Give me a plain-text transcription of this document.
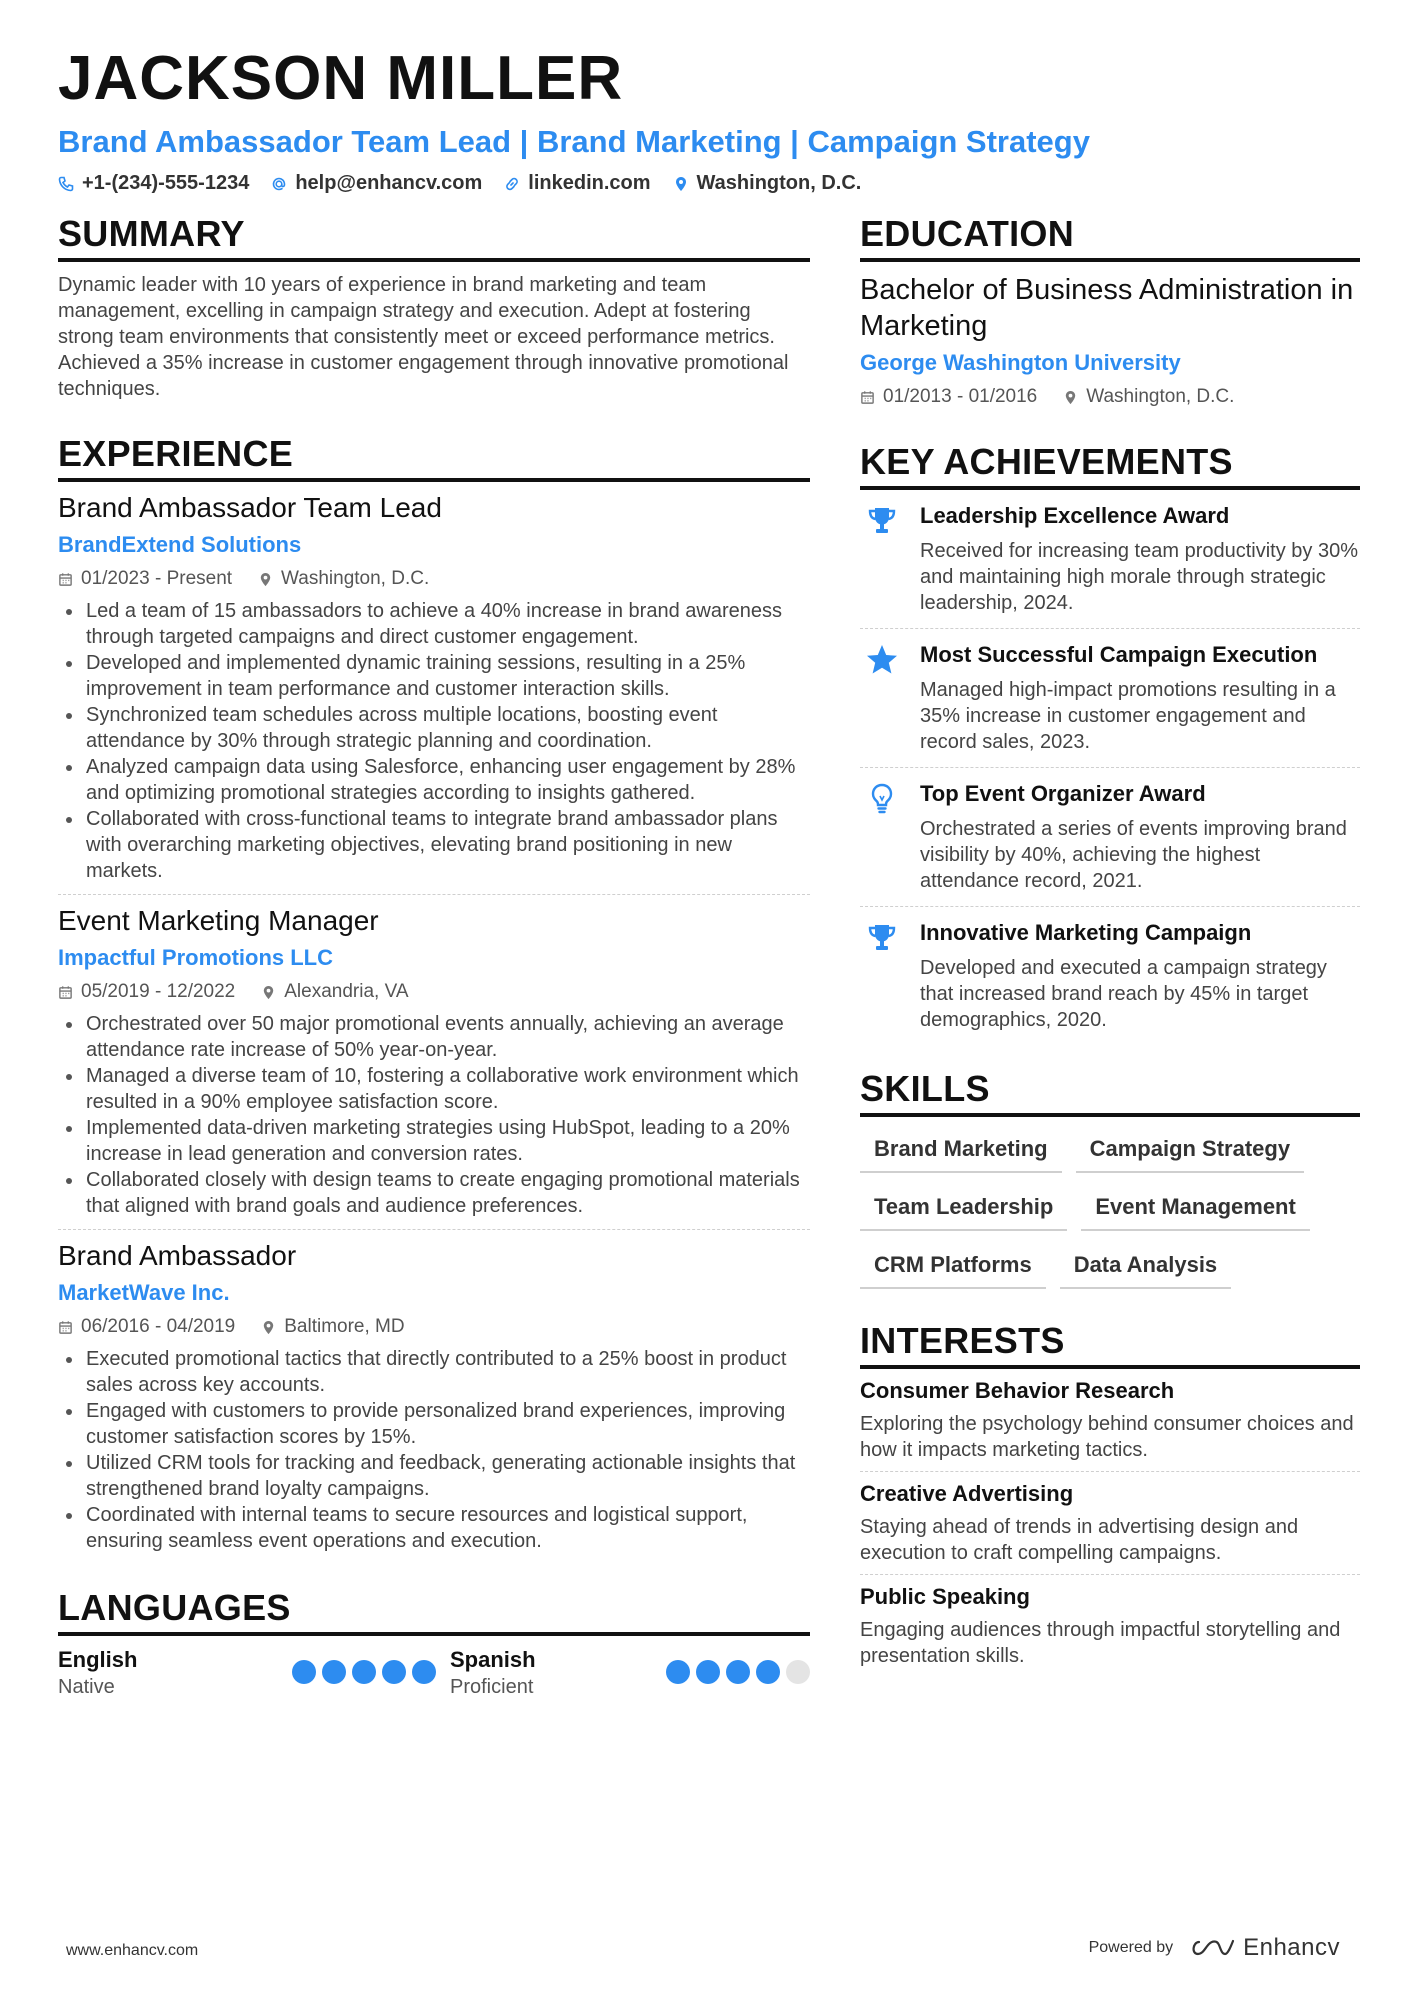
JACKSON MILLER
Brand Ambassador Team Lead | Brand Marketing | Campaign Strategy
+1-(234)-555-1234 help@enhancv.com linkedin.com Washington, D.C.
SUMMARY
Dynamic leader with 10 years of experience in brand marketing and team management, excelling in campaign strategy and execution. Adept at fostering strong team environments that consistently meet or exceed performance metrics. Achieved a 35% increase in customer engagement through innovative promotional techniques.
EXPERIENCE
Brand Ambassador Team Lead
BrandExtend Solutions
01/2023 - Present	Washington, D.C.
Led a team of 15 ambassadors to achieve a 40% increase in brand awareness through targeted campaigns and direct customer engagement.
Developed and implemented dynamic training sessions, resulting in a 25% improvement in team performance and customer interaction skills.
Synchronized team schedules across multiple locations, boosting event attendance by 30% through strategic planning and coordination.
Analyzed campaign data using Salesforce, enhancing user engagement by 28% and optimizing promotional strategies according to insights gathered.
Collaborated with cross-functional teams to integrate brand ambassador plans with overarching marketing objectives, elevating brand positioning in new markets.
Event Marketing Manager
Impactful Promotions LLC
05/2019 - 12/2022	Alexandria, VA
Orchestrated over 50 major promotional events annually, achieving an average attendance rate increase of 50% year-on-year.
Managed a diverse team of 10, fostering a collaborative work environment which resulted in a 90% employee satisfaction score.
Implemented data-driven marketing strategies using HubSpot, leading to a 20% increase in lead generation and conversion rates.
Collaborated closely with design teams to create engaging promotional materials that aligned with brand goals and audience preferences.
Brand Ambassador
MarketWave Inc.
06/2016 - 04/2019	Baltimore, MD
Executed promotional tactics that directly contributed to a 25% boost in product sales across key accounts.
Engaged with customers to provide personalized brand experiences, improving customer satisfaction scores by 15%.
Utilized CRM tools for tracking and feedback, generating actionable insights that strengthened brand loyalty campaigns.
Coordinated with internal teams to secure resources and logistical support, ensuring seamless event operations and execution.
LANGUAGES
English
Native
Spanish
Proficient
EDUCATION
Bachelor of Business Administration in Marketing
George Washington University
01/2013 - 01/2016	Washington, D.C.
KEY ACHIEVEMENTS
Leadership Excellence Award
Received for increasing team productivity by 30% and maintaining high morale through strategic leadership, 2024.
Most Successful Campaign Execution
Managed high-impact promotions resulting in a 35% increase in customer engagement and record sales, 2023.
Top Event Organizer Award
Orchestrated a series of events improving brand visibility by 40%, achieving the highest attendance record, 2021.
Innovative Marketing Campaign
Developed and executed a campaign strategy that increased brand reach by 45% in target demographics, 2020.
SKILLS
Brand Marketing	Campaign Strategy
Team Leadership	Event Management
CRM Platforms	Data Analysis
INTERESTS
Consumer Behavior Research
Exploring the psychology behind consumer choices and how it impacts marketing tactics.
Creative Advertising
Staying ahead of trends in advertising design and execution to craft compelling campaigns.
Public Speaking
Engaging audiences through impactful storytelling and presentation skills.
www.enhancv.com	Powered by	Enhancv
